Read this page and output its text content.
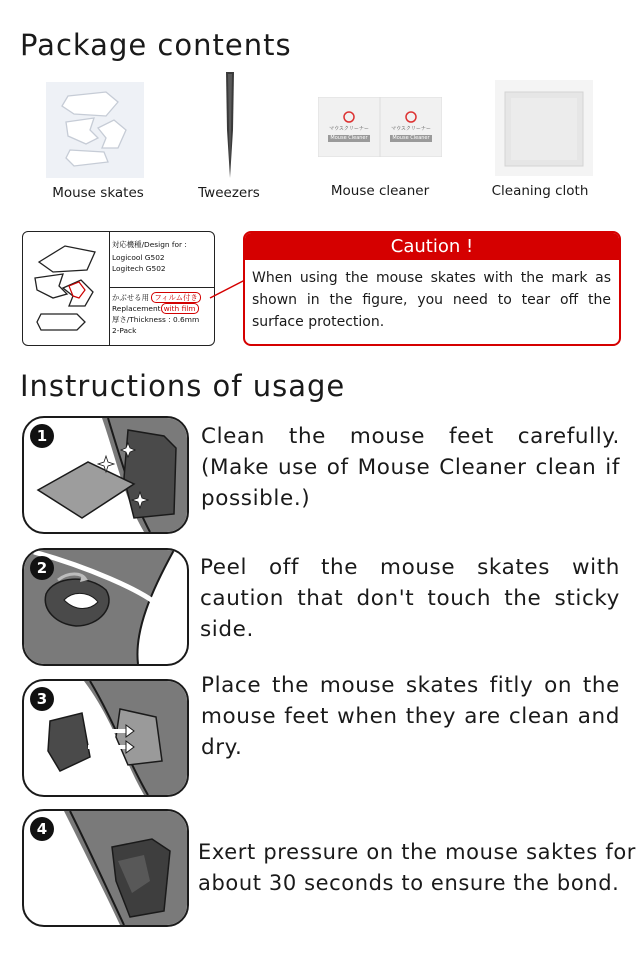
Package contents
Mouse skates	Tweezers
マウスクリーナー	マウスクリーナー
Mouse Cleaner	Mouse Cleaner
Mouse cleaner	Cleaning cloth
対応機種/Design for :
Logicool G502
Logitech G502
かぶせる用 フィルム付き
Replacement with film
厚さ/Thickness : 0.6mm
2-Pack
Caution !
When using the mouse skates with the mark as shown in the figure, you need to tear off the surface protection.
Instructions of usage
1	Clean the mouse feet carefully. (Make use of Mouse Cleaner clean if possible.)
2	Peel off the mouse skates with caution that don't touch the sticky side.
3
Place the mouse skates fitly on the mouse feet when they are clean and dry.
4
Exert pressure on the mouse saktes for about 30 seconds to ensure the bond.
